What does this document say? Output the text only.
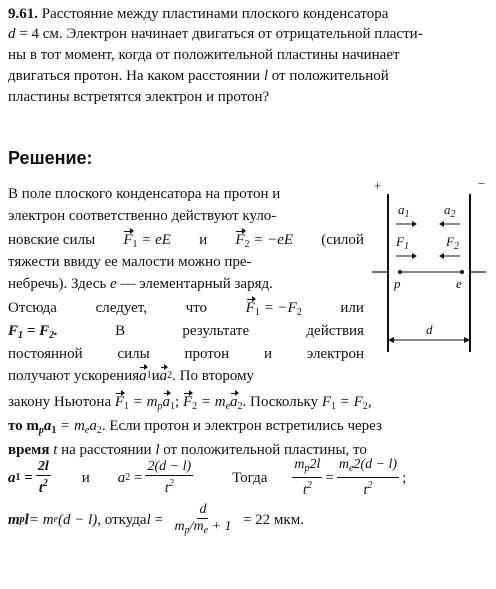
9.61. Расстояние между пластинами плоского конденсатора
d = 4 см. Электрон начинает двигаться от отрицательной пласти-
ны в тот момент, когда от положительной пластины начинает
двигаться протон. На каком расстоянии l от положительной
пластины встретятся электрон и протон?
Решение:
В поле плоского конденсатора на протон и
электрон соответственно действуют куло-
новские силы $F_1$ = eE и $F_2 = -eE$ (силой
тяжести ввиду ее малости можно пре-
небречь). Здесь e — элементарный заряд.
Отсюда	следует,	что	$F_1 = -F_2$	или
$F_1 = F_2$.	В	результате	действия
постоянной силы протон и электрон
получают ускорения a 1 и a 2 . По второму
закону Ньютона $F_1 = m_pa_1$; $F_2 = m_ea_2$. Поскольку $F_1 = F_2$,
то $m_pa_1 = m_ea_2$. Если протон и электрон встретились через
время t на расстоянии l от положительной пластины, то
a $1 = \frac{2l}{t^2}$ и a $2 = \frac{2(d - l)}{t^2}$	Тогда $\frac{m_p2l}{t^2} = \frac{m_e2(d - l)}{t^2}$ ;
m p l = m e (d − l) , откуда $l = \frac{d}{m_p/m_e + 1} = 22$ мкм.
+	−
$a_1$	$a_2$
$F_1$	$F_2$
p	e
d
